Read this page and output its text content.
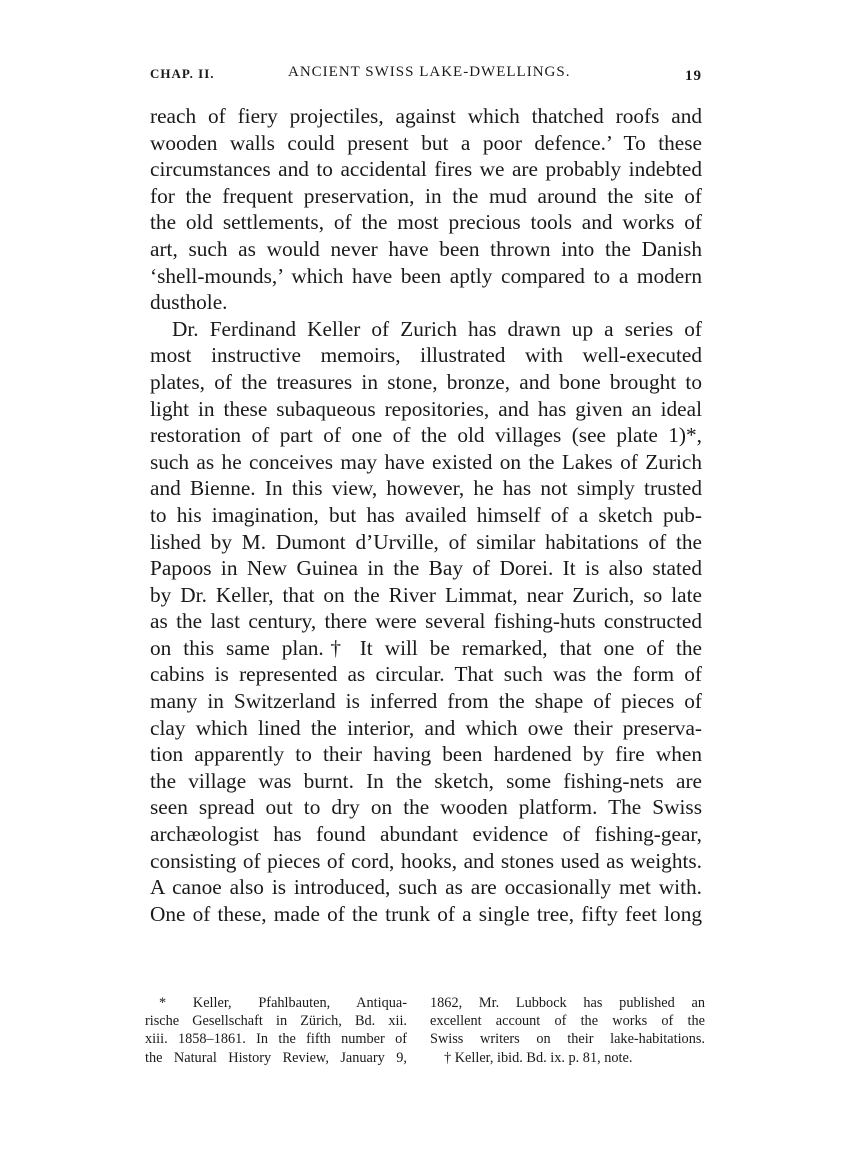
CHAP. II.	ANCIENT SWISS LAKE-DWELLINGS.	19

reach of fiery projectiles, against which thatched roofs and
wooden walls could present but a poor defence.’ To these
circumstances and to accidental fires we are probably indebted
for the frequent preservation, in the mud around the site of
the old settlements, of the most precious tools and works of
art, such as would never have been thrown into the Danish
‘shell-mounds,’ which have been aptly compared to a modern
dusthole.

Dr. Ferdinand Keller of Zurich has drawn up a series of
most instructive memoirs, illustrated with well-executed
plates, of the treasures in stone, bronze, and bone brought to
light in these subaqueous repositories, and has given an ideal
restoration of part of one of the old villages (see plate 1)*,
such as he conceives may have existed on the Lakes of Zurich
and Bienne. In this view, however, he has not simply trusted
to his imagination, but has availed himself of a sketch pub-
lished by M. Dumont d’Urville, of similar habitations of the
Papoos in New Guinea in the Bay of Dorei. It is also stated
by Dr. Keller, that on the River Limmat, near Zurich, so late
as the last century, there were several fishing-huts constructed
on this same plan.† It will be remarked, that one of the
cabins is represented as circular. That such was the form of
many in Switzerland is inferred from the shape of pieces of
clay which lined the interior, and which owe their preserva-
tion apparently to their having been hardened by fire when
the village was burnt. In the sketch, some fishing-nets are
seen spread out to dry on the wooden platform. The Swiss
archæologist has found abundant evidence of fishing-gear,
consisting of pieces of cord, hooks, and stones used as weights.
A canoe also is introduced, such as are occasionally met with.
One of these, made of the trunk of a single tree, fifty feet long

* Keller, Pfahlbauten, Antiqua-
rische Gesellschaft in Zürich, Bd. xii.
xiii. 1858–1861. In the fifth number of
the Natural History Review, January 9,
1862, Mr. Lubbock has published an
excellent account of the works of the
Swiss writers on their lake-habitations.
† Keller, ibid. Bd. ix. p. 81, note.
